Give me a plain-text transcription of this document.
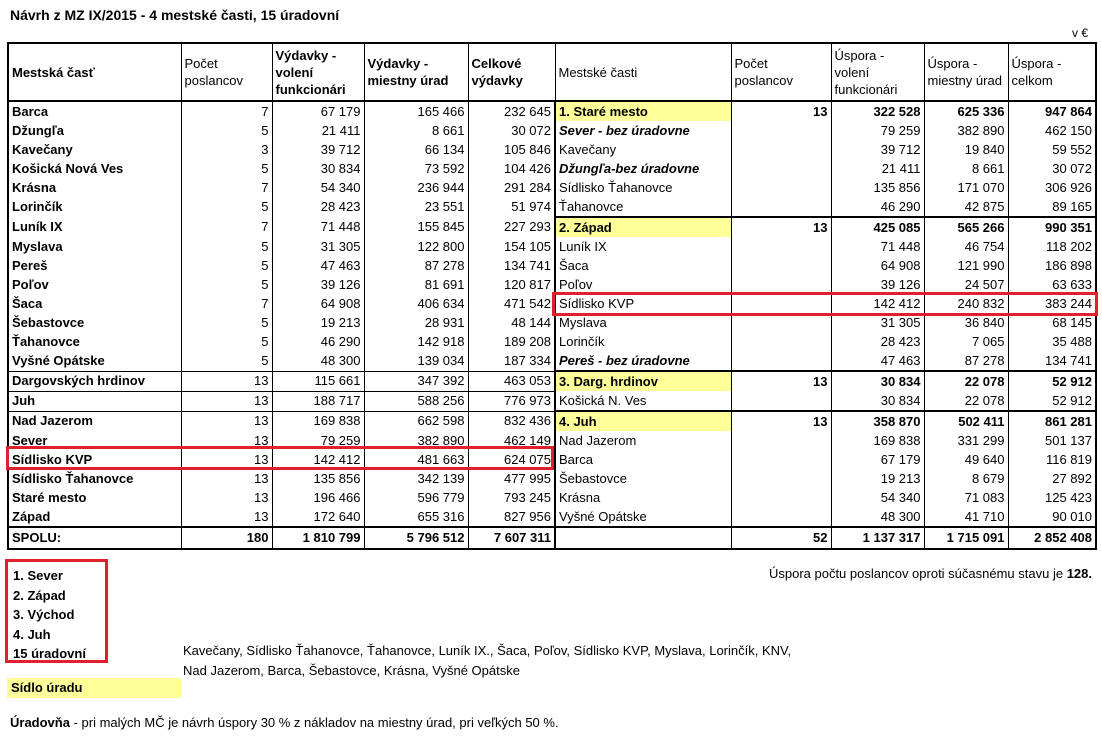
Návrh z MZ IX/2015 - 4 mestské časti, 15 úradovní
v €
Mestská časť	Počet poslancov	Výdavky - volení funkcionári	Výdavky - miestny úrad	Celkové výdavky	Mestské časti	Počet poslancov	Úspora - volení funkcionári	Úspora - miestny úrad	Úspora - celkom
Barca	7	67 179	165 466	232 645	1. Staré mesto	13	322 528	625 336	947 864
Džungľa	5	21 411	8 661	30 072	Sever - bez úradovne		79 259	382 890	462 150
Kavečany	3	39 712	66 134	105 846	Kavečany		39 712	19 840	59 552
Košická Nová Ves	5	30 834	73 592	104 426	Džungľa-bez úradovne		21 411	8 661	30 072
Krásna	7	54 340	236 944	291 284	Sídlisko Ťahanovce		135 856	171 070	306 926
Lorinčík	5	28 423	23 551	51 974	Ťahanovce		46 290	42 875	89 165
Luník IX	7	71 448	155 845	227 293	2. Západ	13	425 085	565 266	990 351
Myslava	5	31 305	122 800	154 105	Luník IX		71 448	46 754	118 202
Pereš	5	47 463	87 278	134 741	Šaca		64 908	121 990	186 898
Poľov	5	39 126	81 691	120 817	Poľov		39 126	24 507	63 633
Šaca	7	64 908	406 634	471 542	Sídlisko KVP		142 412	240 832	383 244
Šebastovce	5	19 213	28 931	48 144	Myslava		31 305	36 840	68 145
Ťahanovce	5	46 290	142 918	189 208	Lorinčík		28 423	7 065	35 488
Vyšné Opátske	5	48 300	139 034	187 334	Pereš - bez úradovne		47 463	87 278	134 741
Dargovských hrdinov	13	115 661	347 392	463 053	3. Darg. hrdinov	13	30 834	22 078	52 912
Juh	13	188 717	588 256	776 973	Košická N. Ves		30 834	22 078	52 912
Nad Jazerom	13	169 838	662 598	832 436	4. Juh	13	358 870	502 411	861 281
Sever	13	79 259	382 890	462 149	Nad Jazerom		169 838	331 299	501 137
Sídlisko KVP	13	142 412	481 663	624 075	Barca		67 179	49 640	116 819
Sídlisko Ťahanovce	13	135 856	342 139	477 995	Šebastovce		19 213	8 679	27 892
Staré mesto	13	196 466	596 779	793 245	Krásna		54 340	71 083	125 423
Západ	13	172 640	655 316	827 956	Vyšné Opátske		48 300	41 710	90 010
SPOLU:	180	1 810 799	5 796 512	7 607 311		52	1 137 317	1 715 091	2 852 408
1. Sever
2. Západ
3. Východ
4. Juh
15 úradovní
Úspora počtu poslancov oproti súčasnému stavu je 128.
Kavečany, Sídlisko Ťahanovce, Ťahanovce, Luník IX., Šaca, Poľov, Sídlisko KVP, Myslava, Lorinčík, KNV,
Nad Jazerom, Barca, Šebastovce, Krásna, Vyšné Opátske
Sídlo úradu
Úradovňa - pri malých MČ je návrh úspory 30 % z nákladov na miestny úrad, pri veľkých 50 %.
